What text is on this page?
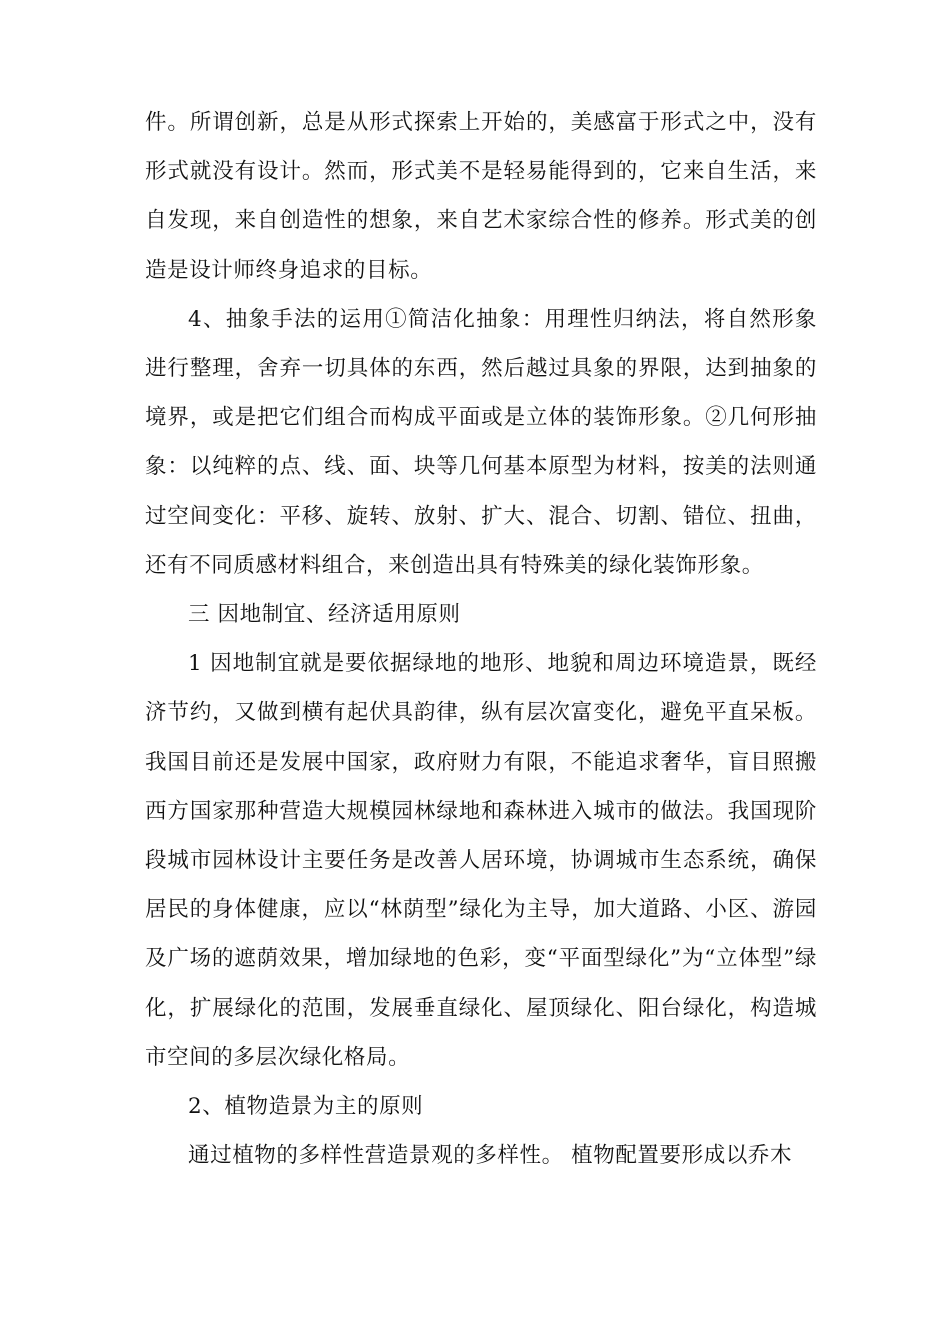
件。所谓创新，总是从形式探索上开始的，美感富于形式之中，没有形式就没有设计。然而，形式美不是轻易能得到的，它来自生活，来自发现，来自创造性的想象，来自艺术家综合性的修养。形式美的创造是设计师终身追求的目标。

4、抽象手法的运用①简洁化抽象：用理性归纳法，将自然形象进行整理，舍弃一切具体的东西，然后越过具象的界限，达到抽象的境界，或是把它们组合而构成平面或是立体的装饰形象。②几何形抽象：以纯粹的点、线、面、块等几何基本原型为材料，按美的法则通过空间变化：平移、旋转、放射、扩大、混合、切割、错位、扭曲，还有不同质感材料组合，来创造出具有特殊美的绿化装饰形象。

三 因地制宜、经济适用原则

1 因地制宜就是要依据绿地的地形、地貌和周边环境造景，既经济节约，又做到横有起伏具韵律，纵有层次富变化，避免平直呆板。我国目前还是发展中国家，政府财力有限，不能追求奢华，盲目照搬西方国家那种营造大规模园林绿地和森林进入城市的做法。我国现阶段城市园林设计主要任务是改善人居环境，协调城市生态系统，确保居民的身体健康，应以“林荫型”绿化为主导，加大道路、小区、游园及广场的遮荫效果，增加绿地的色彩，变“平面型绿化”为“立体型”绿化，扩展绿化的范围，发展垂直绿化、屋顶绿化、阳台绿化，构造城市空间的多层次绿化格局。

2、植物造景为主的原则

通过植物的多样性营造景观的多样性。 植物配置要形成以乔木
